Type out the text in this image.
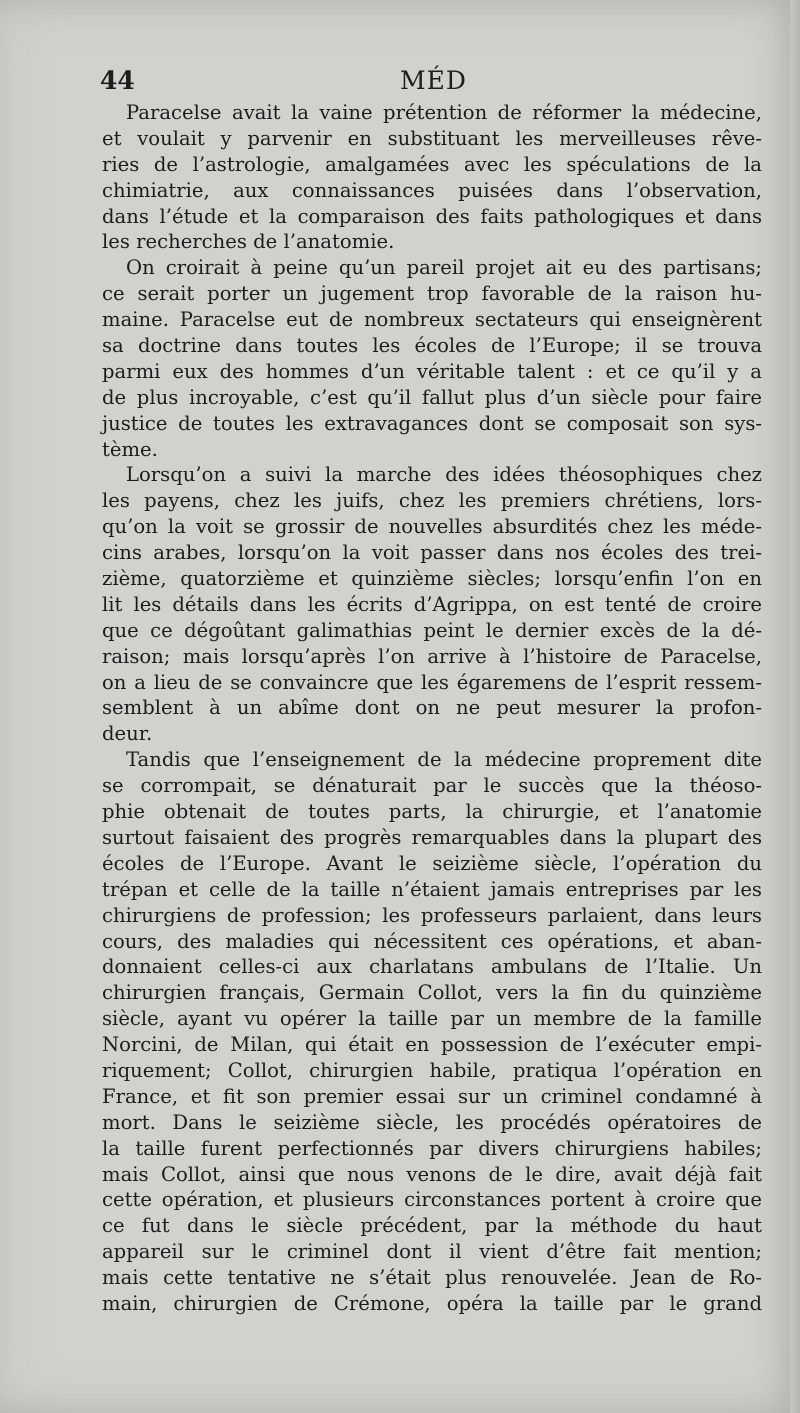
44	MÉD
Paracelse avait la vaine prétention de réformer la médecine,
et voulait y parvenir en substituant les merveilleuses rêve-
ries de l’astrologie, amalgamées avec les spéculations de la
chimiatrie, aux connaissances puisées dans l’observation,
dans l’étude et la comparaison des faits pathologiques et dans
les recherches de l’anatomie.
On croirait à peine qu’un pareil projet ait eu des partisans;
ce serait porter un jugement trop favorable de la raison hu-
maine. Paracelse eut de nombreux sectateurs qui enseignèrent
sa doctrine dans toutes les écoles de l’Europe; il se trouva
parmi eux des hommes d’un véritable talent : et ce qu’il y a
de plus incroyable, c’est qu’il fallut plus d’un siècle pour faire
justice de toutes les extravagances dont se composait son sys-
tème.
Lorsqu’on a suivi la marche des idées théosophiques chez
les payens, chez les juifs, chez les premiers chrétiens, lors-
qu’on la voit se grossir de nouvelles absurdités chez les méde-
cins arabes, lorsqu’on la voit passer dans nos écoles des trei-
zième, quatorzième et quinzième siècles; lorsqu’enfin l’on en
lit les détails dans les écrits d’Agrippa, on est tenté de croire
que ce dégoûtant galimathias peint le dernier excès de la dé-
raison; mais lorsqu’après l’on arrive à l’histoire de Paracelse,
on a lieu de se convaincre que les égaremens de l’esprit ressem-
semblent à un abîme dont on ne peut mesurer la profon-
deur.
Tandis que l’enseignement de la médecine proprement dite
se corrompait, se dénaturait par le succès que la théoso-
phie obtenait de toutes parts, la chirurgie, et l’anatomie
surtout faisaient des progrès remarquables dans la plupart des
écoles de l’Europe. Avant le seizième siècle, l’opération du
trépan et celle de la taille n’étaient jamais entreprises par les
chirurgiens de profession; les professeurs parlaient, dans leurs
cours, des maladies qui nécessitent ces opérations, et aban-
donnaient celles-ci aux charlatans ambulans de l’Italie. Un
chirurgien français, Germain Collot, vers la fin du quinzième
siècle, ayant vu opérer la taille par un membre de la famille
Norcini, de Milan, qui était en possession de l’exécuter empi-
riquement; Collot, chirurgien habile, pratiqua l’opération en
France, et fit son premier essai sur un criminel condamné à
mort. Dans le seizième siècle, les procédés opératoires de
la taille furent perfectionnés par divers chirurgiens habiles;
mais Collot, ainsi que nous venons de le dire, avait déjà fait
cette opération, et plusieurs circonstances portent à croire que
ce fut dans le siècle précédent, par la méthode du haut
appareil sur le criminel dont il vient d’être fait mention;
mais cette tentative ne s’était plus renouvelée. Jean de Ro-
main, chirurgien de Crémone, opéra la taille par le grand
